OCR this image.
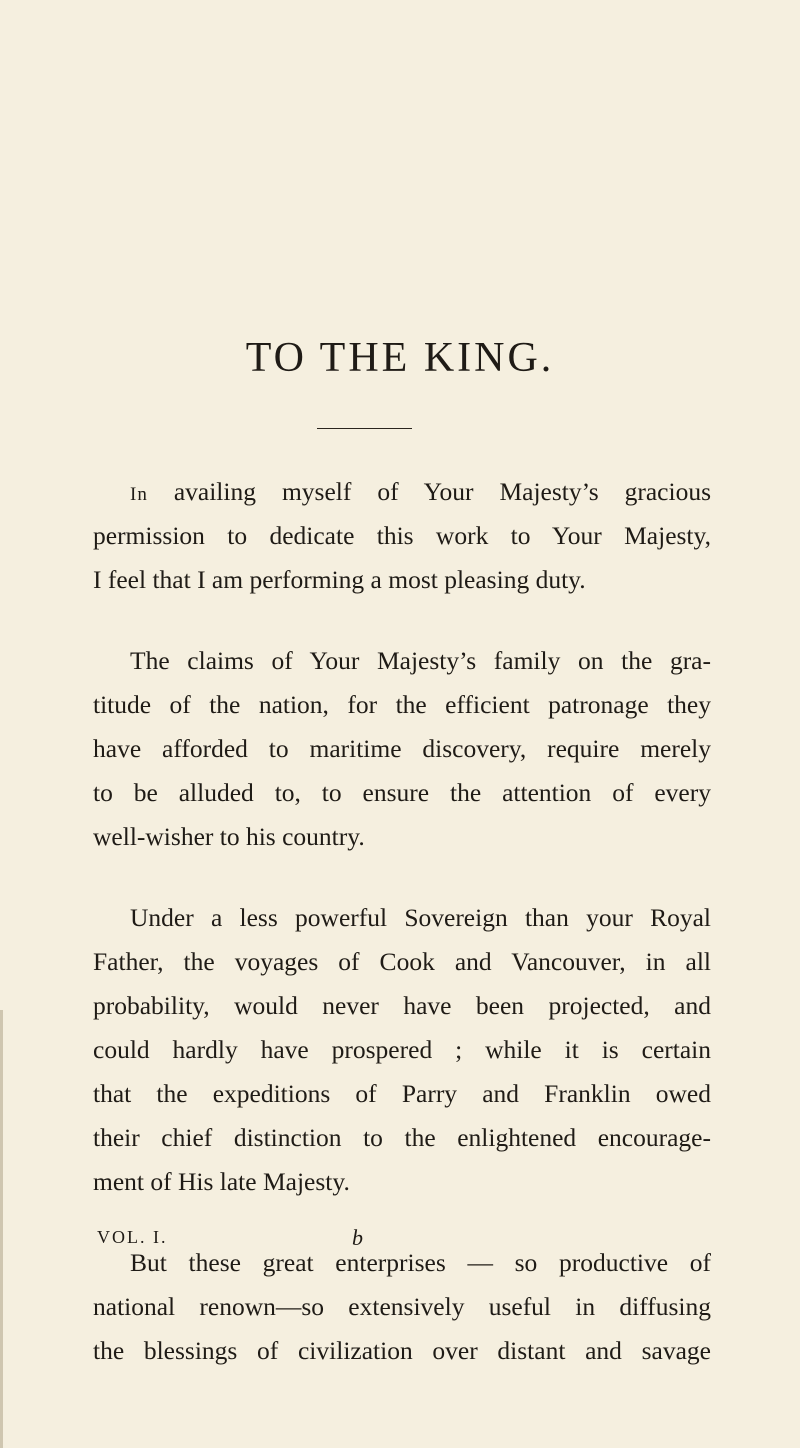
TO THE KING.
In availing myself of Your Majesty’s gracious
permission to dedicate this work to Your Majesty,
I feel that I am performing a most pleasing duty.
The claims of Your Majesty’s family on the gra-
titude of the nation, for the efficient patronage they
have afforded to maritime discovery, require merely
to be alluded to, to ensure the attention of every
well-wisher to his country.
Under a less powerful Sovereign than your Royal
Father, the voyages of Cook and Vancouver, in all
probability, would never have been projected, and
could hardly have prospered ; while it is certain
that the expeditions of Parry and Franklin owed
their chief distinction to the enlightened encourage-
ment of His late Majesty.
But these great enterprises — so productive of
national renown—so extensively useful in diffusing
the blessings of civilization over distant and savage
VOL. I.	b
